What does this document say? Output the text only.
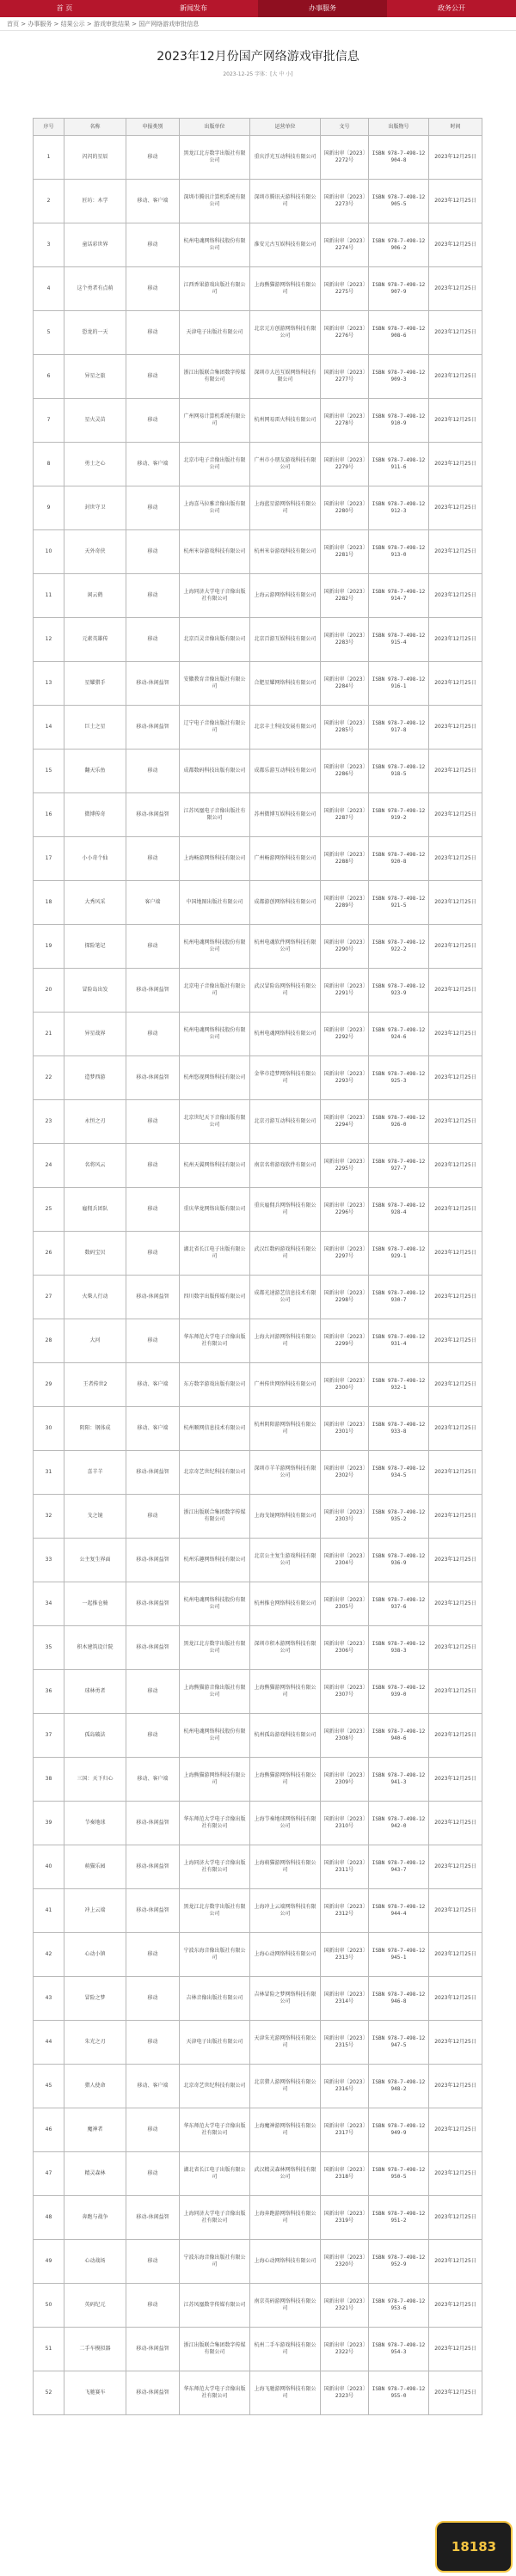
首 页	新闻发布	办事服务	政务公开
首页 > 办事服务 > 结果公示 > 游戏审批结果 > 国产网络游戏审批信息
2023年12月份国产网络游戏审批信息
2023-12-25 字体：[大 中 小]
序号	名称	申报类别	出版单位	运营单位	文号	出版物号	时间
1	闪闪的星辰	移动	黑龙江北方数字出版社有限公司	重庆浮光互动科技有限公司	国新出审〔2023〕2272号	ISBN 978-7-498-12904-8	2023年12月25日
2	匠坊：木学	移动、客户端	深圳市腾讯计算机系统有限公司	深圳市腾讯天游科技有限公司	国新出审〔2023〕2273号	ISBN 978-7-498-12905-5	2023年12月25日
3	童话彩世界	移动	杭州电魂网络科技股份有限公司	淮安元古互娱科技有限公司	国新出审〔2023〕2274号	ISBN 978-7-498-12906-2	2023年12月25日
4	这个勇者有点萌	移动	江西香果游戏出版社有限公司	上海熊猫游网络科技有限公司	国新出审〔2023〕2275号	ISBN 978-7-498-12907-9	2023年12月25日
5	恐龙的一天	移动	天津电子出版社有限公司	北京元方创游网络科技有限公司	国新出审〔2023〕2276号	ISBN 978-7-498-12908-6	2023年12月25日
6	异星之旅	移动	浙江出版联合集团数字传媒有限公司	深圳市大邑互娱网络科技有限公司	国新出审〔2023〕2277号	ISBN 978-7-498-12909-3	2023年12月25日
7	星火灵苗	移动	广州网易计算机系统有限公司	杭州网易雷火科技有限公司	国新出审〔2023〕2278号	ISBN 978-7-498-12910-9	2023年12月25日
8	勇士之心	移动、客户端	北京市电子音像出版社有限公司	广州市小朋友游戏科技有限公司	国新出审〔2023〕2279号	ISBN 978-7-498-12911-6	2023年12月25日
9	封世守卫	移动	上海喜马拉雅音像出版有限公司	上海蓝星游网络科技有限公司	国新出审〔2023〕2280号	ISBN 978-7-498-12912-3	2023年12月25日
10	天外奇侠	移动	杭州米谷游戏科技有限公司	杭州米谷游戏科技有限公司	国新出审〔2023〕2281号	ISBN 978-7-498-12913-0	2023年12月25日
11	闲云鹤	移动	上海同济大学电子音像出版社有限公司	上海云游网络科技有限公司	国新出审〔2023〕2282号	ISBN 978-7-498-12914-7	2023年12月25日
12	元素英雄传	移动	北京百灵音像出版有限公司	北京百游互娱科技有限公司	国新出审〔2023〕2283号	ISBN 978-7-498-12915-4	2023年12月25日
13	星耀猎手	移动-休闲益智	安徽教育音像出版社有限公司	合肥星耀网络科技有限公司	国新出审〔2023〕2284号	ISBN 978-7-498-12916-1	2023年12月25日
14	巨土之星	移动-休闲益智	辽宁电子音像出版社有限公司	北京丰土科技发展有限公司	国新出审〔2023〕2285号	ISBN 978-7-498-12917-8	2023年12月25日
15	翻天乐鱼	移动	成都数码科技出版有限公司	成都乐游互动科技有限公司	国新出审〔2023〕2286号	ISBN 978-7-498-12918-5	2023年12月25日
16	微博传奇	移动-休闲益智	江苏凤凰电子音像出版社有限公司	苏州微博互娱科技有限公司	国新出审〔2023〕2287号	ISBN 978-7-498-12919-2	2023年12月25日
17	小小奇个仙	移动	上海畅游网络科技有限公司	广州畅游网络科技有限公司	国新出审〔2023〕2288号	ISBN 978-7-498-12920-8	2023年12月25日
18	大秀风采	客户端	中国地图出版社有限公司	成都游创网络科技有限公司	国新出审〔2023〕2289号	ISBN 978-7-498-12921-5	2023年12月25日
19	探险笔记	移动	杭州电魂网络科技股份有限公司	杭州电魂软件网络科技有限公司	国新出审〔2023〕2290号	ISBN 978-7-498-12922-2	2023年12月25日
20	冒险岛出发	移动-休闲益智	北京电子音像出版社有限公司	武汉冒险岛网络科技有限公司	国新出审〔2023〕2291号	ISBN 978-7-498-12923-9	2023年12月25日
21	异星战界	移动	杭州电魂网络科技股份有限公司	杭州电魂网络科技有限公司	国新出审〔2023〕2292号	ISBN 978-7-498-12924-6	2023年12月25日
22	造梦西游	移动-休闲益智	杭州悠视网络科技有限公司	金华市造梦网络科技有限公司	国新出审〔2023〕2293号	ISBN 978-7-498-12925-3	2023年12月25日
23	永恒之刃	移动	北京世纪天下音像出版有限公司	北京刃游互动科技有限公司	国新出审〔2023〕2294号	ISBN 978-7-498-12926-0	2023年12月25日
24	名将风云	移动	杭州天翼网络科技有限公司	南京名将游戏软件有限公司	国新出审〔2023〕2295号	ISBN 978-7-498-12927-7	2023年12月25日
25	雇佣兵团队	移动	重庆华龙网络出版有限公司	重庆雇佣兵网络科技有限公司	国新出审〔2023〕2296号	ISBN 978-7-498-12928-4	2023年12月25日
26	数码宝贝	移动	湖北省长江电子出版有限公司	武汉红数码游戏科技有限公司	国新出审〔2023〕2297号	ISBN 978-7-498-12929-1	2023年12月25日
27	火柴人行动	移动-休闲益智	四川数字出版传媒有限公司	成都光速游艺信息技术有限公司	国新出审〔2023〕2298号	ISBN 978-7-498-12930-7	2023年12月25日
28	大河	移动	华东师范大学电子音像出版社有限公司	上海大河游网络科技有限公司	国新出审〔2023〕2299号	ISBN 978-7-498-12931-4	2023年12月25日
29	王者传世2	移动、客户端	东方数字游戏出版有限公司	广州传世网络科技有限公司	国新出审〔2023〕2300号	ISBN 978-7-498-12932-1	2023年12月25日
30	阴阳：钢体成	移动、客户端	杭州顺网信息技术有限公司	杭州阴阳游网络科技有限公司	国新出审〔2023〕2301号	ISBN 978-7-498-12933-8	2023年12月25日
31	喜羊羊	移动-休闲益智	北京奇艺世纪科技有限公司	深圳市羊羊游网络科技有限公司	国新出审〔2023〕2302号	ISBN 978-7-498-12934-5	2023年12月25日
32	戈之镜	移动	浙江出版联合集团数字传媒有限公司	上海戈镜网络科技有限公司	国新出审〔2023〕2303号	ISBN 978-7-498-12935-2	2023年12月25日
33	公主复生界面	移动-休闲益智	杭州乐趣网络科技有限公司	北京公主复生游戏科技有限公司	国新出审〔2023〕2304号	ISBN 978-7-498-12936-9	2023年12月25日
34	一起推仓骑	移动-休闲益智	杭州电魂网络科技股份有限公司	杭州推仓网络科技有限公司	国新出审〔2023〕2305号	ISBN 978-7-498-12937-6	2023年12月25日
35	积木建筑设计院	移动-休闲益智	黑龙江北方数字出版社有限公司	深圳市积木游网络科技有限公司	国新出审〔2023〕2306号	ISBN 978-7-498-12938-3	2023年12月25日
36	球林勇者	移动	上海熊猫游音像出版社有限公司	上海熊猫游网络科技有限公司	国新出审〔2023〕2307号	ISBN 978-7-498-12939-0	2023年12月25日
37	孤岛破法	移动	杭州电魂网络科技股份有限公司	杭州孤岛游戏科技有限公司	国新出审〔2023〕2308号	ISBN 978-7-498-12940-6	2023年12月25日
38	三国：天下归心	移动、客户端	上海熊猫游网络科技有限公司	上海熊猫游网络科技有限公司	国新出审〔2023〕2309号	ISBN 978-7-498-12941-3	2023年12月25日
39	节奏地球	移动-休闲益智	华东师范大学电子音像出版社有限公司	上海节奏地球网络科技有限公司	国新出审〔2023〕2310号	ISBN 978-7-498-12942-0	2023年12月25日
40	萌猫乐园	移动-休闲益智	上海同济大学电子音像出版社有限公司	上海萌猫游网络科技有限公司	国新出审〔2023〕2311号	ISBN 978-7-498-12943-7	2023年12月25日
41	冲上云端	移动-休闲益智	黑龙江北方数字出版社有限公司	上海冲上云端网络科技有限公司	国新出审〔2023〕2312号	ISBN 978-7-498-12944-4	2023年12月25日
42	心动小镇	移动	宁波东海音像出版社有限公司	上海心动网络科技有限公司	国新出审〔2023〕2313号	ISBN 978-7-498-12945-1	2023年12月25日
43	冒险之梦	移动	吉林音像出版社有限公司	吉林冒险之梦网络科技有限公司	国新出审〔2023〕2314号	ISBN 978-7-498-12946-8	2023年12月25日
44	朱光之刃	移动	天津电子出版社有限公司	天津朱光游网络科技有限公司	国新出审〔2023〕2315号	ISBN 978-7-498-12947-5	2023年12月25日
45	猎人使命	移动、客户端	北京奇艺世纪科技有限公司	北京猎人游网络科技有限公司	国新出审〔2023〕2316号	ISBN 978-7-498-12948-2	2023年12月25日
46	魔神者	移动	华东师范大学电子音像出版社有限公司	上海魔神游网络科技有限公司	国新出审〔2023〕2317号	ISBN 978-7-498-12949-9	2023年12月25日
47	精灵森林	移动	湖北省长江电子出版有限公司	武汉精灵森林网络科技有限公司	国新出审〔2023〕2318号	ISBN 978-7-498-12950-5	2023年12月25日
48	奔跑与战争	移动-休闲益智	上海同济大学电子音像出版社有限公司	上海奔跑游网络科技有限公司	国新出审〔2023〕2319号	ISBN 978-7-498-12951-2	2023年12月25日
49	心动战场	移动	宁波东海音像出版社有限公司	上海心动网络科技有限公司	国新出审〔2023〕2320号	ISBN 978-7-498-12952-9	2023年12月25日
50	英码纪元	移动	江苏凤凰数字传媒有限公司	南京英码游网络科技有限公司	国新出审〔2023〕2321号	ISBN 978-7-498-12953-6	2023年12月25日
51	二手车模拟器	移动-休闲益智	浙江出版联合集团数字传媒有限公司	杭州二手车游戏科技有限公司	国新出审〔2023〕2322号	ISBN 978-7-498-12954-3	2023年12月25日
52	飞驰赛车	移动-休闲益智	华东师范大学电子音像出版社有限公司	上海飞驰游网络科技有限公司	国新出审〔2023〕2323号	ISBN 978-7-498-12955-0	2023年12月25日
18183
